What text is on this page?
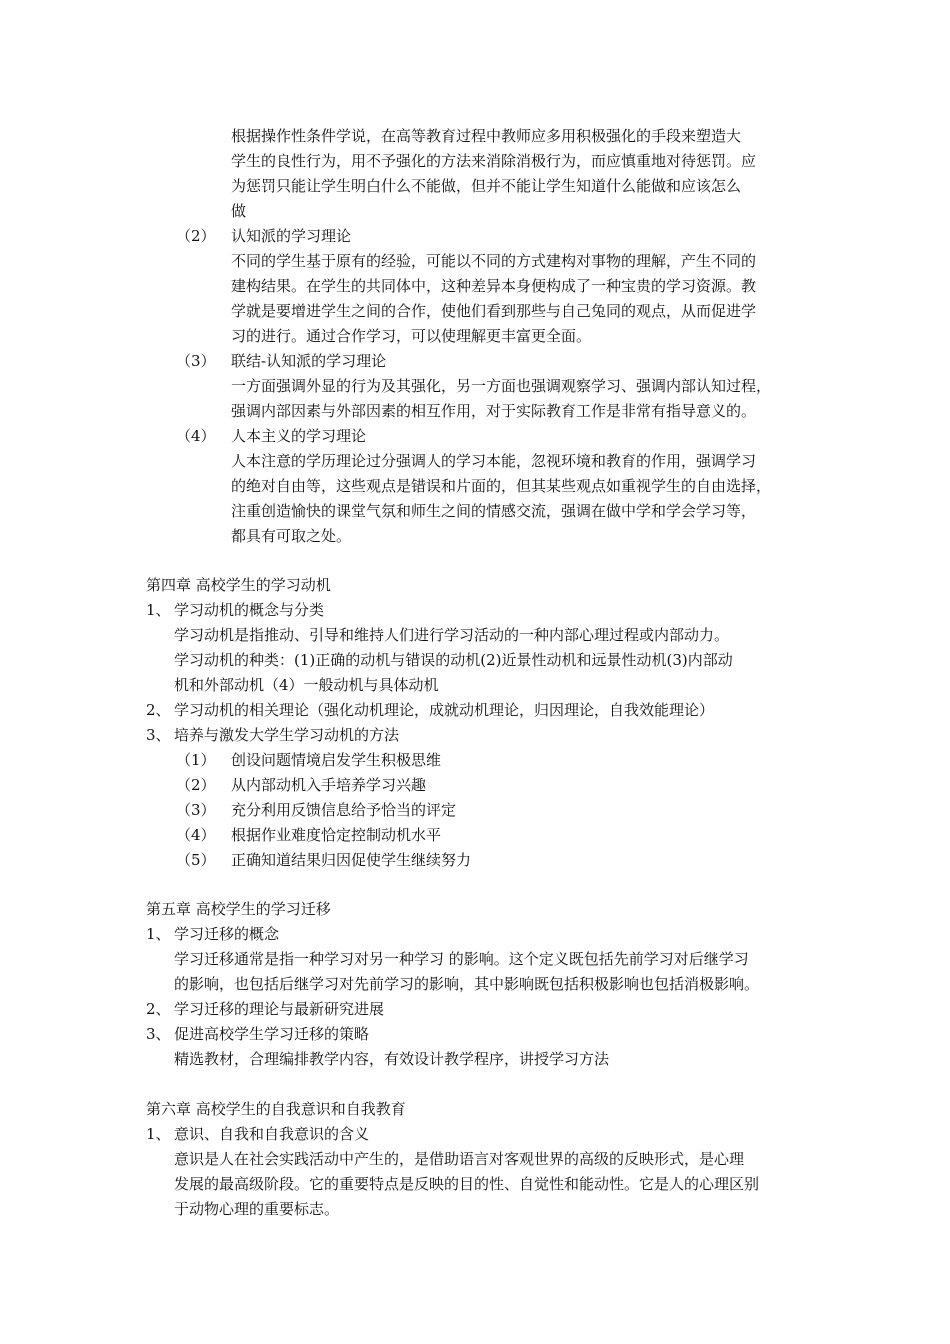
根据操作性条件学说，在高等教育过程中教师应多用积极强化的手段来塑造大
学生的良性行为，用不予强化的方法来消除消极行为，而应慎重地对待惩罚。应
为惩罚只能让学生明白什么不能做，但并不能让学生知道什么能做和应该怎么
做
（2） 认知派的学习理论
不同的学生基于原有的经验，可能以不同的方式建构对事物的理解，产生不同的
建构结果。在学生的共同体中，这种差异本身便构成了一种宝贵的学习资源。教
学就是要增进学生之间的合作，使他们看到那些与自己兔同的观点，从而促进学
习的进行。通过合作学习，可以使理解更丰富更全面。
（3） 联结-认知派的学习理论
一方面强调外显的行为及其强化，另一方面也强调观察学习、强调内部认知过程，
强调内部因素与外部因素的相互作用，对于实际教育工作是非常有指导意义的。
（4） 人本主义的学习理论
人本注意的学历理论过分强调人的学习本能，忽视环境和教育的作用，强调学习
的绝对自由等，这些观点是错误和片面的，但其某些观点如重视学生的自由选择，
注重创造愉快的课堂气氛和师生之间的情感交流，强调在做中学和学会学习等，
都具有可取之处。
第四章 高校学生的学习动机
1、 学习动机的概念与分类
学习动机是指推动、引导和维持人们进行学习活动的一种内部心理过程或内部动力。
学习动机的种类：(1)正确的动机与错误的动机(2)近景性动机和远景性动机(3)内部动
机和外部动机（4）一般动机与具体动机
2、 学习动机的相关理论（强化动机理论，成就动机理论，归因理论，自我效能理论）
3、 培养与激发大学生学习动机的方法
（1） 创设问题情境启发学生积极思维
（2） 从内部动机入手培养学习兴趣
（3） 充分利用反馈信息给予恰当的评定
（4） 根据作业难度恰定控制动机水平
（5） 正确知道结果归因促使学生继续努力
第五章 高校学生的学习迁移
1、 学习迁移的概念
学习迁移通常是指一种学习对另一种学习 的影响。这个定义既包括先前学习对后继学习
的影响，也包括后继学习对先前学习的影响，其中影响既包括积极影响也包括消极影响。
2、 学习迁移的理论与最新研究进展
3、 促进高校学生学习迁移的策略
精选教材，合理编排教学内容，有效设计教学程序，讲授学习方法
第六章 高校学生的自我意识和自我教育
1、 意识、自我和自我意识的含义
意识是人在社会实践活动中产生的，是借助语言对客观世界的高级的反映形式，是心理
发展的最高级阶段。它的重要特点是反映的目的性、自觉性和能动性。它是人的心理区别
于动物心理的重要标志。
